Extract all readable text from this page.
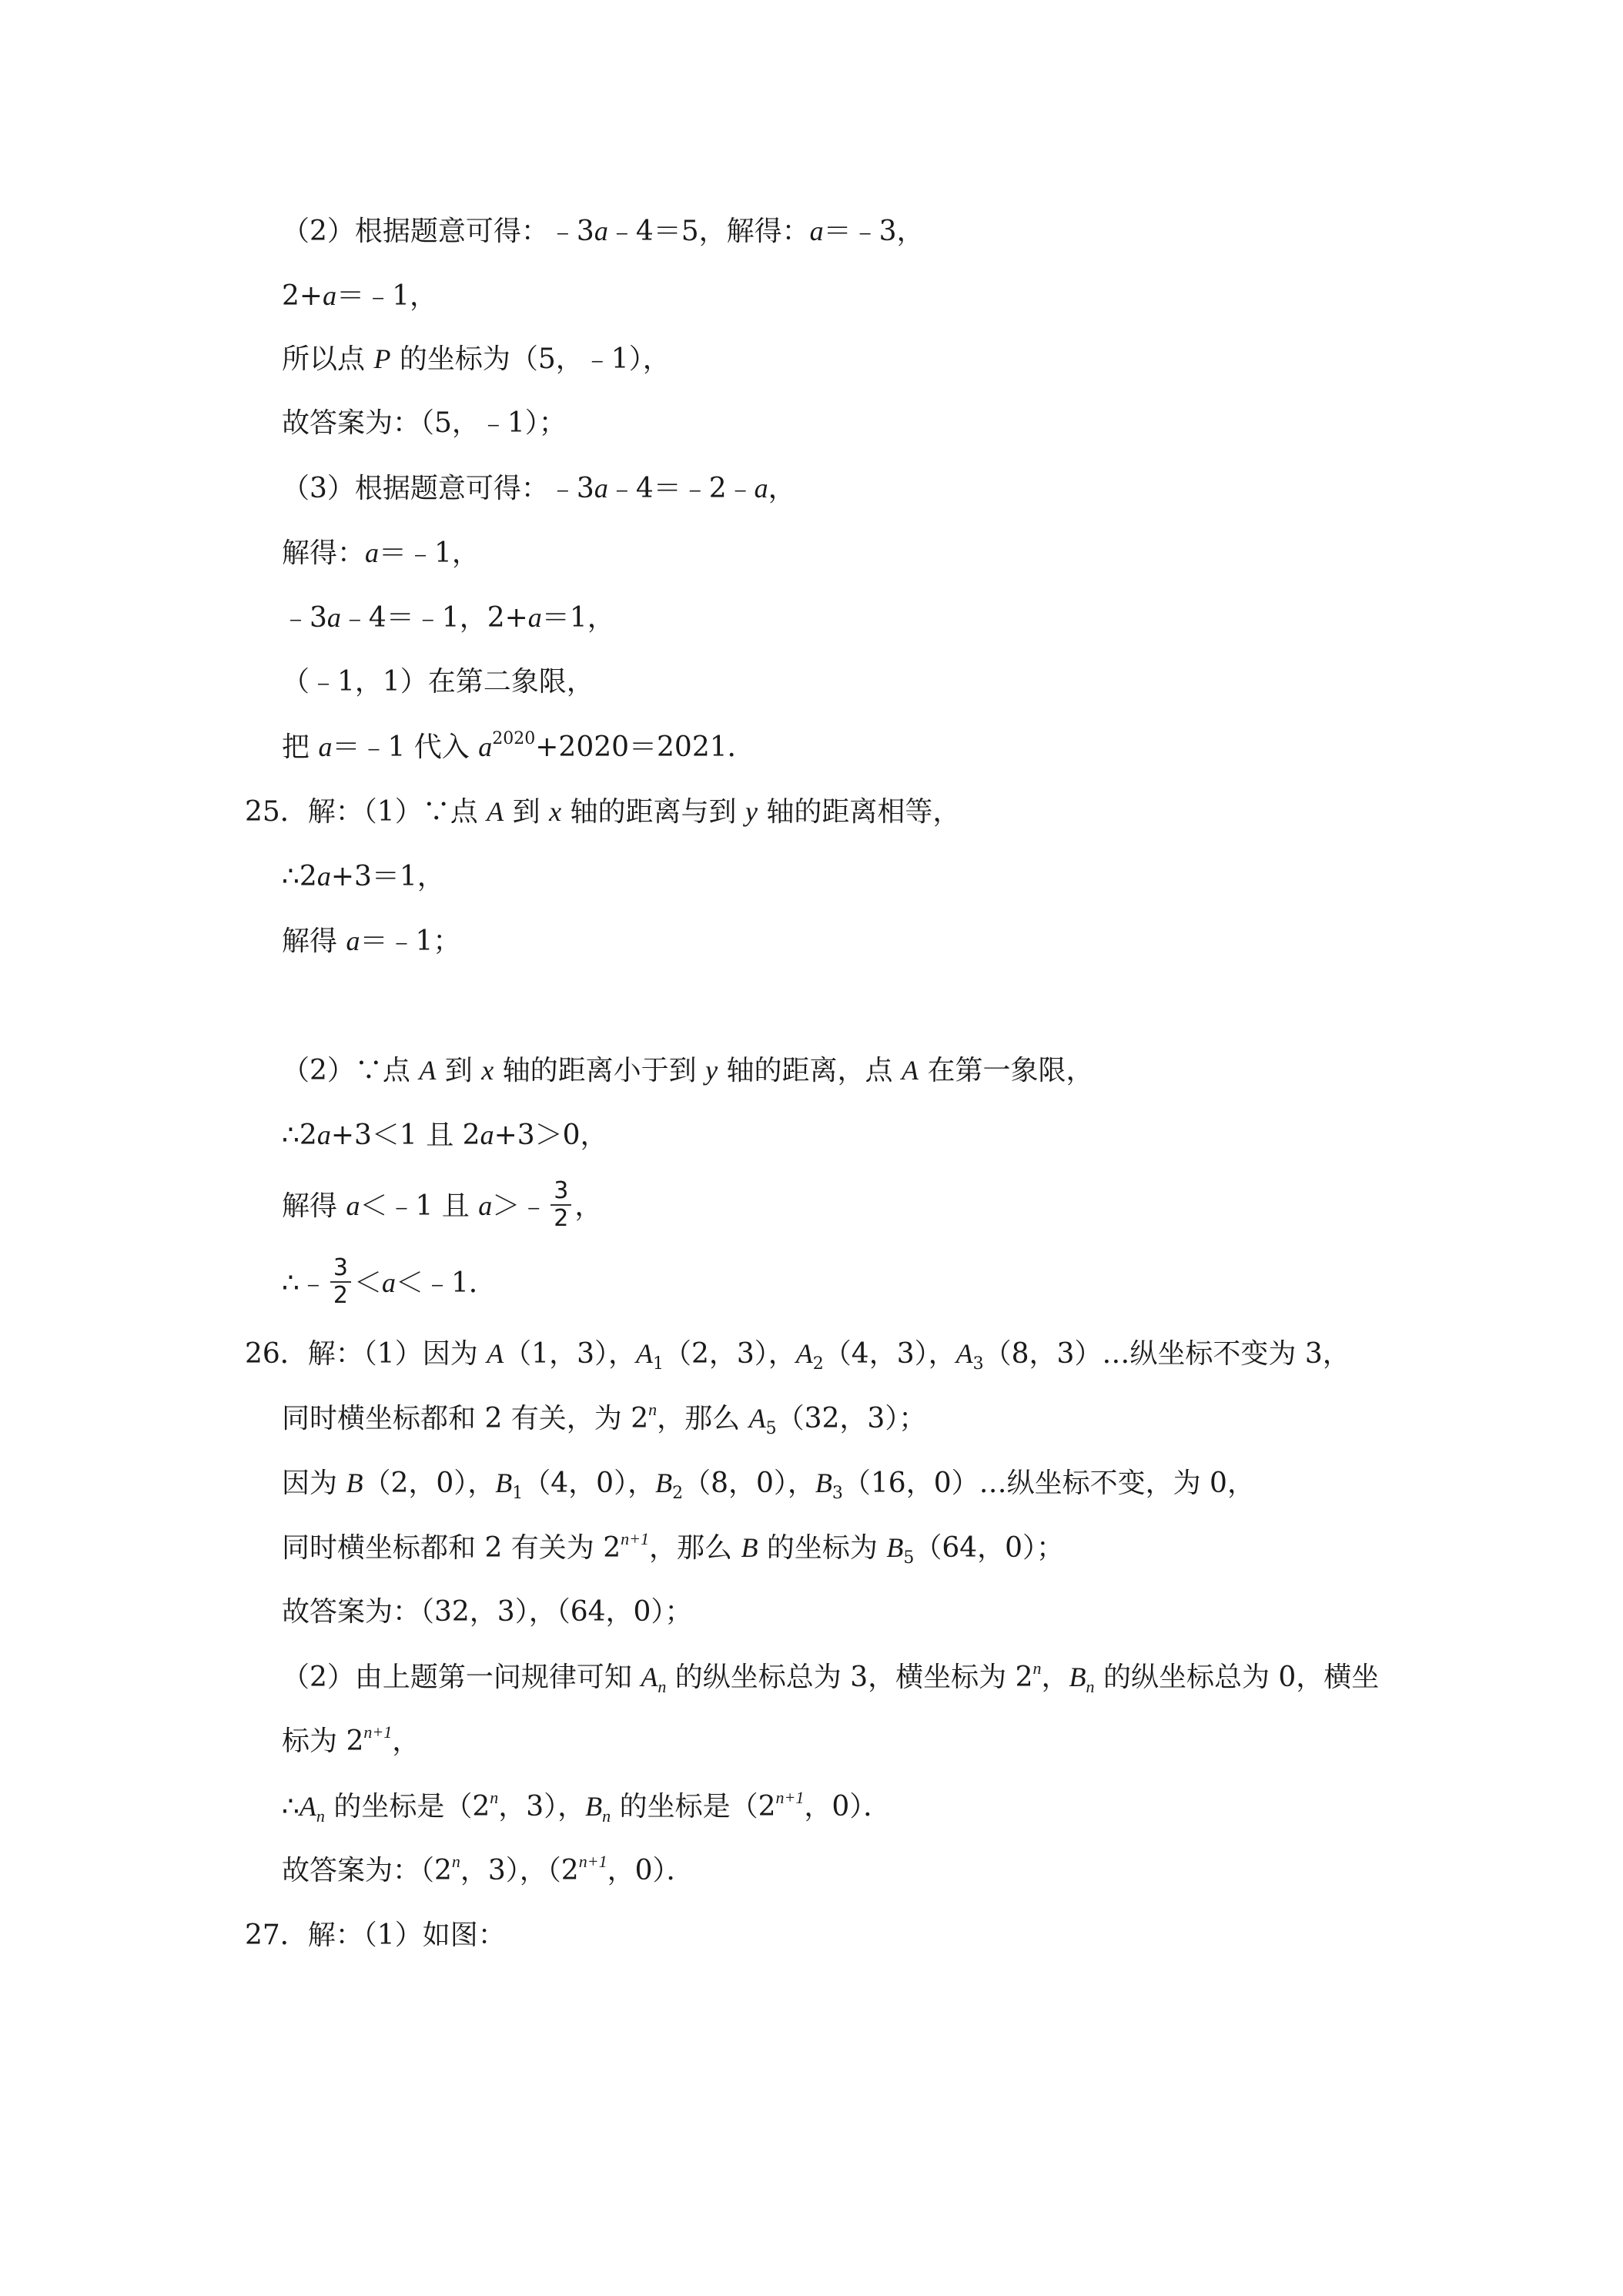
（2）根据题意可得：﹣3a﹣4＝5，解得：a＝﹣3，
2+a＝﹣1，
所以点 P 的坐标为（5，﹣1），
故答案为：（5，﹣1）；
（3）根据题意可得：﹣3a﹣4＝﹣2﹣a，
解得：a＝﹣1，
﹣3a﹣4＝﹣1，2+a＝1，
（﹣1，1）在第二象限，
把 a＝﹣1 代入 $a^{2020}+2020=2021$．
25．解：（1）∵点 A 到 x 轴的距离与到 y 轴的距离相等，
∴2a+3＝1，
解得 a＝﹣1；
（2）∵点 A 到 x 轴的距离小于到 y 轴的距离，点 A 在第一象限，
∴2a+3＜1 且 2a+3＞0，
解得 a＜﹣1 且 a＞﹣ $\frac{3}{2}$ ，
∴﹣ $\frac{3}{2}$ ＜a＜﹣1．
26．解：（1）因为 A（1，3），$A_1(2$，3），$A_2(4$，3），$A_3(8$，3）…纵坐标不变为 3，
同时横坐标都和 2 有关，为 2$^n$，那么 $A_5(32$，3）；
因为 B（2，0），$B_1(4$，0），$B_2(8$，0），$B_3(16$，0）…纵坐标不变，为 0，
同时横坐标都和 2 有关为 $2^{n+1}$，那么 B 的坐标为 $B_5(64$，0）；
故答案为：（32，3），（64，0）；
（2）由上题第一问规律可知 $A_n$ 的纵坐标总为 3，横坐标为 2$^n$，$B_n$ 的纵坐标总为 0，横坐
标为 $2^{n+1}$，
$\therefore A_n$ 的坐标是（2$^n$，3），$B_n$ 的坐标是（$2^{n+1}$，0）．
故答案为：（2$^n$，3），（$2^{n+1}$，0）．
27．解：（1）如图：
